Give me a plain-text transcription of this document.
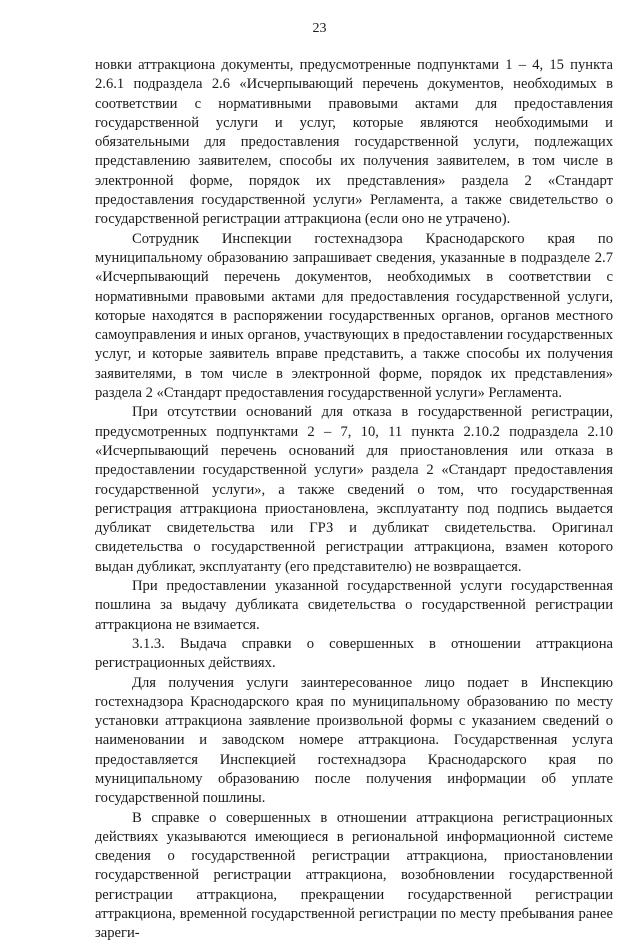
23

новки аттракциона документы, предусмотренные подпунктами 1 – 4, 15 пункта 2.6.1 подраздела 2.6 «Исчерпывающий перечень документов, необходимых в соответствии с нормативными правовыми актами для предоставления государственной услуги и услуг, которые являются необходимыми и обязательными для предоставления государственной услуги, подлежащих представлению заявителем, способы их получения заявителем, в том числе в электронной форме, порядок их представления» раздела 2 «Стандарт предоставления государственной услуги» Регламента, а также свидетельство о государственной регистрации аттракциона (если оно не утрачено).

Сотрудник Инспекции гостехнадзора Краснодарского края по муниципальному образованию запрашивает сведения, указанные в подразделе 2.7 «Исчерпывающий перечень документов, необходимых в соответствии с нормативными правовыми актами для предоставления государственной услуги, которые находятся в распоряжении государственных органов, органов местного самоуправления и иных органов, участвующих в предоставлении государственных услуг, и которые заявитель вправе представить, а также способы их получения заявителями, в том числе в электронной форме, порядок их представления» раздела 2 «Стандарт предоставления государственной услуги» Регламента.

При отсутствии оснований для отказа в государственной регистрации, предусмотренных подпунктами 2 – 7, 10, 11 пункта 2.10.2 подраздела 2.10 «Исчерпывающий перечень оснований для приостановления или отказа в предоставлении государственной услуги» раздела 2 «Стандарт предоставления государственной услуги», а также сведений о том, что государственная регистрация аттракциона приостановлена, эксплуатанту под подпись выдается дубликат свидетельства или ГРЗ и дубликат свидетельства. Оригинал свидетельства о государственной регистрации аттракциона, взамен которого выдан дубликат, эксплуатанту (его представителю) не возвращается.

При предоставлении указанной государственной услуги государственная пошлина за выдачу дубликата свидетельства о государственной регистрации аттракциона не взимается.

3.1.3. Выдача справки о совершенных в отношении аттракциона регистрационных действиях.

Для получения услуги заинтересованное лицо подает в Инспекцию гостехнадзора Краснодарского края по муниципальному образованию по месту установки аттракциона заявление произвольной формы с указанием сведений о наименовании и заводском номере аттракциона. Государственная услуга предоставляется Инспекцией гостехнадзора Краснодарского края по муниципальному образованию после получения информации об уплате государственной пошлины.

В справке о совершенных в отношении аттракциона регистрационных действиях указываются имеющиеся в региональной информационной системе сведения о государственной регистрации аттракциона, приостановлении государственной регистрации аттракциона, возобновлении государственной регистрации аттракциона, прекращении государственной регистрации аттракциона, временной государственной регистрации по месту пребывания ранее зареги-
